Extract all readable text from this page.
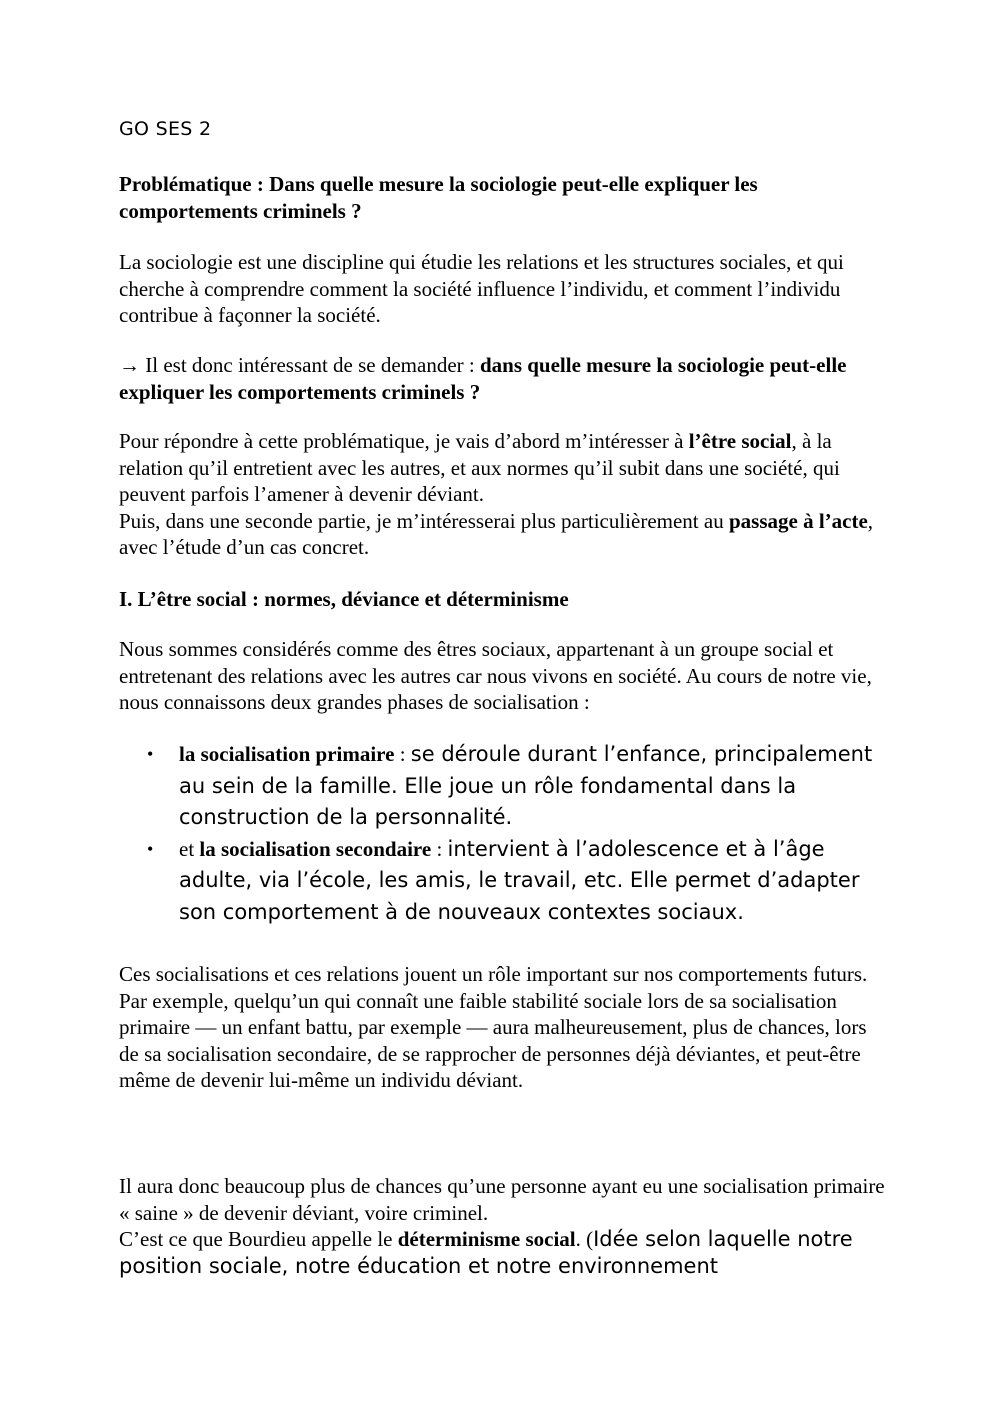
GO SES 2

Problématique : Dans quelle mesure la sociologie peut-elle expliquer les comportements criminels ?

La sociologie est une discipline qui étudie les relations et les structures sociales, et qui cherche à comprendre comment la société influence l’individu, et comment l’individu contribue à façonner la société.

→ Il est donc intéressant de se demander : dans quelle mesure la sociologie peut-elle expliquer les comportements criminels ?

Pour répondre à cette problématique, je vais d’abord m’intéresser à l’être social, à la relation qu’il entretient avec les autres, et aux normes qu’il subit dans une société, qui peuvent parfois l’amener à devenir déviant.
Puis, dans une seconde partie, je m’intéresserai plus particulièrement au passage à l’acte, avec l’étude d’un cas concret.

I. L’être social : normes, déviance et déterminisme

Nous sommes considérés comme des êtres sociaux, appartenant à un groupe social et entretenant des relations avec les autres car nous vivons en société. Au cours de notre vie, nous connaissons deux grandes phases de socialisation :

• la socialisation primaire : se déroule durant l’enfance, principalement au sein de la famille. Elle joue un rôle fondamental dans la construction de la personnalité.
• et la socialisation secondaire : intervient à l’adolescence et à l’âge adulte, via l’école, les amis, le travail, etc. Elle permet d’adapter son comportement à de nouveaux contextes sociaux.

Ces socialisations et ces relations jouent un rôle important sur nos comportements futurs.
Par exemple, quelqu’un qui connaît une faible stabilité sociale lors de sa socialisation primaire — un enfant battu, par exemple — aura malheureusement, plus de chances, lors de sa socialisation secondaire, de se rapprocher de personnes déjà déviantes, et peut-être même de devenir lui-même un individu déviant.

Il aura donc beaucoup plus de chances qu’une personne ayant eu une socialisation primaire « saine » de devenir déviant, voire criminel.
C’est ce que Bourdieu appelle le déterminisme social. (Idée selon laquelle notre position sociale, notre éducation et notre environnement
